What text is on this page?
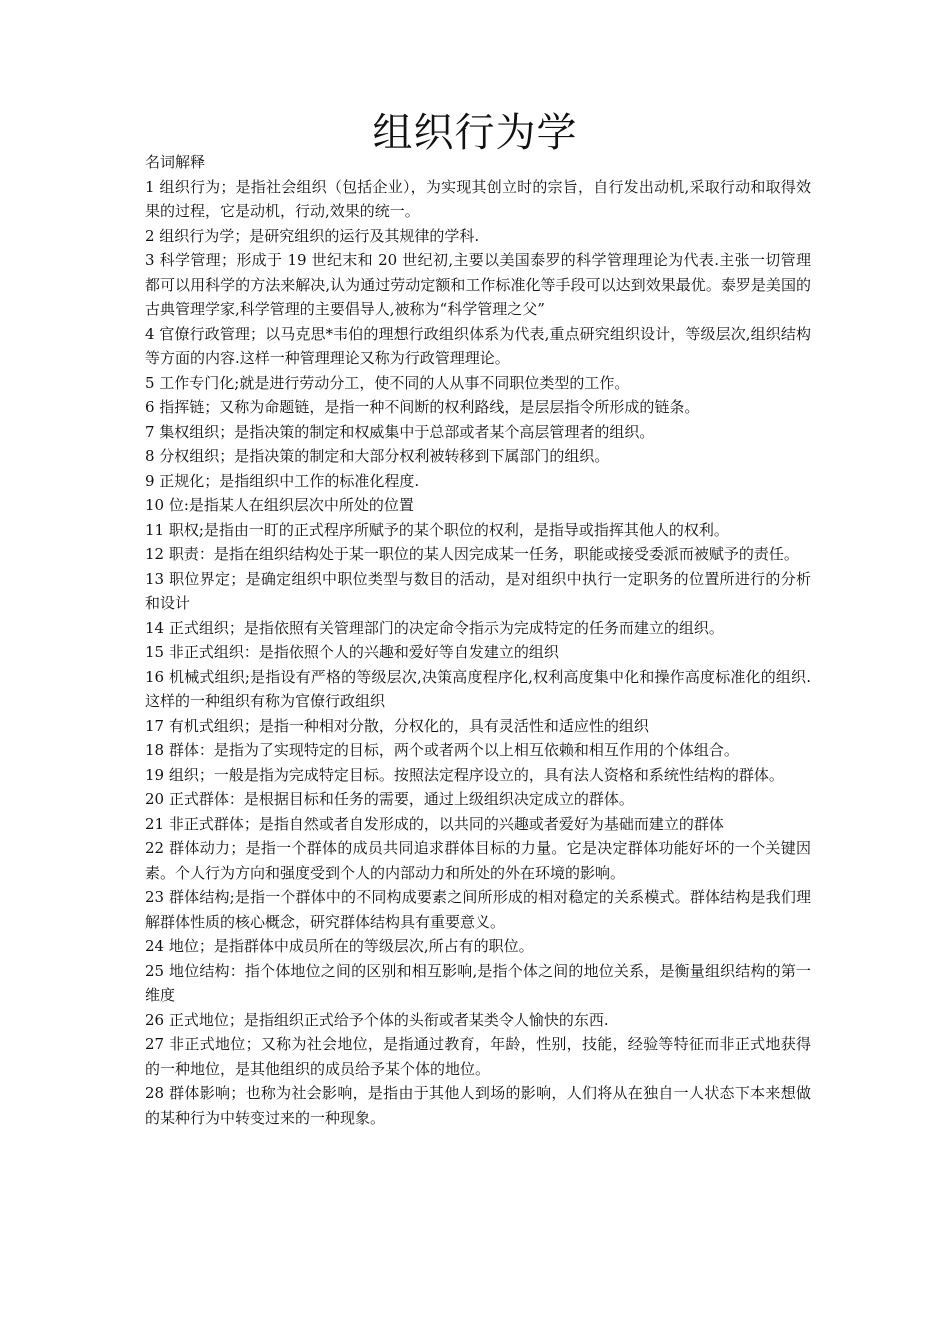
组织行为学

名词解释

1 组织行为；是指社会组织（包括企业），为实现其创立时的宗旨，自行发出动机,采取行动和取得效果的过程，它是动机，行动,效果的统一。

2 组织行为学；是研究组织的运行及其规律的学科.

3 科学管理；形成于 19 世纪末和 20 世纪初,主要以美国泰罗的科学管理理论为代表.主张一切管理都可以用科学的方法来解决,认为通过劳动定额和工作标准化等手段可以达到效果最优。泰罗是美国的古典管理学家,科学管理的主要倡导人,被称为“科学管理之父”

4 官僚行政管理；以马克思*韦伯的理想行政组织体系为代表,重点研究组织设计，等级层次,组织结构等方面的内容.这样一种管理理论又称为行政管理理论。

5 工作专门化;就是进行劳动分工，使不同的人从事不同职位类型的工作。

6 指挥链；又称为命题链，是指一种不间断的权利路线，是层层指令所形成的链条。

7 集权组织；是指决策的制定和权威集中于总部或者某个高层管理者的组织。

8 分权组织；是指决策的制定和大部分权利被转移到下属部门的组织。

9 正规化；是指组织中工作的标准化程度.

10 位:是指某人在组织层次中所处的位置

11 职权;是指由一盯的正式程序所赋予的某个职位的权利，是指导或指挥其他人的权利。

12 职责：是指在组织结构处于某一职位的某人因完成某一任务，职能或接受委派而被赋予的责任。

13 职位界定；是确定组织中职位类型与数目的活动，是对组织中执行一定职务的位置所进行的分析和设计

14 正式组织；是指依照有关管理部门的决定命令指示为完成特定的任务而建立的组织。

15 非正式组织：是指依照个人的兴趣和爱好等自发建立的组织

16 机械式组织;是指设有严格的等级层次,决策高度程序化,权利高度集中化和操作高度标准化的组织.这样的一种组织有称为官僚行政组织

17 有机式组织；是指一种相对分散，分权化的，具有灵活性和适应性的组织

18 群体：是指为了实现特定的目标，两个或者两个以上相互依赖和相互作用的个体组合。

19 组织；一般是指为完成特定目标。按照法定程序设立的，具有法人资格和系统性结构的群体。

20 正式群体：是根据目标和任务的需要，通过上级组织决定成立的群体。

21 非正式群体；是指自然或者自发形成的，以共同的兴趣或者爱好为基础而建立的群体

22 群体动力；是指一个群体的成员共同追求群体目标的力量。它是决定群体功能好坏的一个关键因素。个人行为方向和强度受到个人的内部动力和所处的外在环境的影响。

23 群体结构;是指一个群体中的不同构成要素之间所形成的相对稳定的关系模式。群体结构是我们理解群体性质的核心概念，研究群体结构具有重要意义。

24 地位；是指群体中成员所在的等级层次,所占有的职位。

25 地位结构：指个体地位之间的区别和相互影响,是指个体之间的地位关系，是衡量组织结构的第一维度

26 正式地位；是指组织正式给予个体的头衔或者某类令人愉快的东西.

27 非正式地位；又称为社会地位，是指通过教育，年龄，性别，技能，经验等特征而非正式地获得的一种地位，是其他组织的成员给予某个体的地位。

28 群体影响；也称为社会影响，是指由于其他人到场的影响，人们将从在独自一人状态下本来想做的某种行为中转变过来的一种现象。
